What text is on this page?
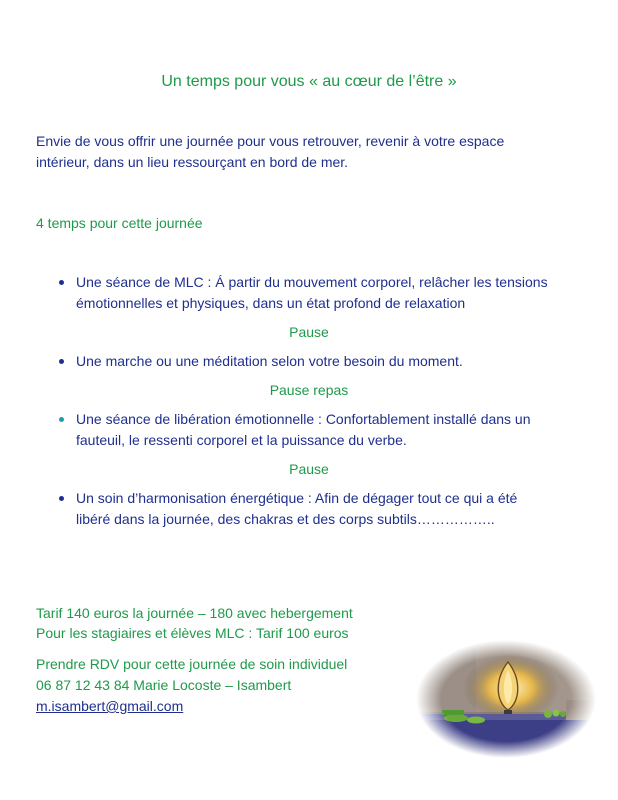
Un temps pour vous « au cœur de l’être »
Envie de vous offrir une journée pour vous retrouver, revenir à votre espace
intérieur, dans un lieu ressourçant en bord de mer.
4 temps pour cette journée
Une séance de MLC : Á partir du mouvement corporel, relâcher les tensions
émotionnelles et physiques, dans un état profond de relaxation
Pause
Une marche ou une méditation selon votre besoin du moment.
Pause repas
Une séance de libération émotionnelle : Confortablement installé dans un
fauteuil, le ressenti corporel et la puissance du verbe.
Pause
Un soin d’harmonisation énergétique : Afin de dégager tout ce qui a été
libéré dans la journée, des chakras et des corps subtils……………..
Tarif 140 euros la journée – 180 avec hebergement
Pour les stagiaires et élèves MLC : Tarif 100 euros
Prendre RDV pour cette journée de soin individuel
06 87 12 43 84 Marie Locoste – Isambert
m.isambert@gmail.com
